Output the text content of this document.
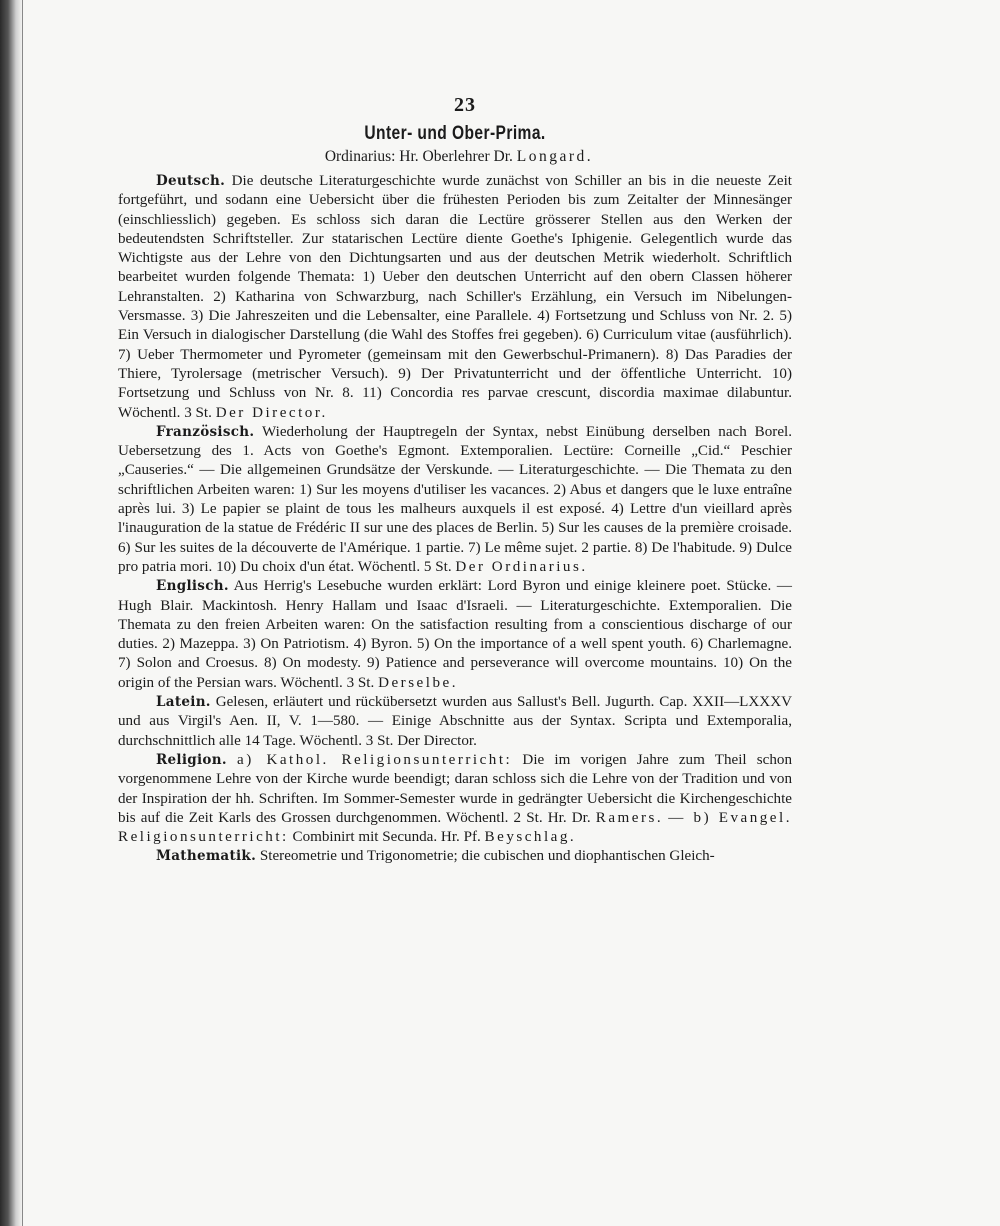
23
Unter- und Ober-Prima.
Ordinarius: Hr. Oberlehrer Dr. Longard.

Deutsch. Die deutsche Literaturgeschichte wurde zunächst von Schiller an bis in die neueste Zeit fortgeführt, und sodann eine Uebersicht über die frühesten Perioden bis zum Zeitalter der Minnesänger (einschliesslich) gegeben. Es schloss sich daran die Lectüre grösserer Stellen aus den Werken der bedeutendsten Schriftsteller. Zur statarischen Lectüre diente Goethe's Iphigenie. Gelegentlich wurde das Wichtigste aus der Lehre von den Dichtungsarten und aus der deutschen Metrik wiederholt. Schriftlich bearbeitet wurden folgende Themata: 1) Ueber den deutschen Unterricht auf den obern Classen höherer Lehranstalten. 2) Katharina von Schwarzburg, nach Schiller's Erzählung, ein Versuch im Nibelungen-Versmasse. 3) Die Jahreszeiten und die Lebensalter, eine Parallele. 4) Fortsetzung und Schluss von Nr. 2. 5) Ein Versuch in dialogischer Darstellung (die Wahl des Stoffes frei gegeben). 6) Curriculum vitae (ausführlich). 7) Ueber Thermometer und Pyrometer (gemeinsam mit den Gewerbschul-Primanern). 8) Das Paradies der Thiere, Tyrolersage (metrischer Versuch). 9) Der Privatunterricht und der öffentliche Unterricht. 10) Fortsetzung und Schluss von Nr. 8. 11) Concordia res parvae crescunt, discordia maximae dilabuntur. Wöchentl. 3 St. Der Director.

Französisch. Wiederholung der Hauptregeln der Syntax, nebst Einübung derselben nach Borel. Uebersetzung des 1. Acts von Goethe's Egmont. Extemporalien. Lectüre: Corneille „Cid.“ Peschier „Causeries.“ — Die allgemeinen Grundsätze der Verskunde. — Literaturgeschichte. — Die Themata zu den schriftlichen Arbeiten waren: 1) Sur les moyens d'utiliser les vacances. 2) Abus et dangers que le luxe entraîne après lui. 3) Le papier se plaint de tous les malheurs auxquels il est exposé. 4) Lettre d'un vieillard après l'inauguration de la statue de Frédéric II sur une des places de Berlin. 5) Sur les causes de la première croisade. 6) Sur les suites de la découverte de l'Amérique. 1 partie. 7) Le même sujet. 2 partie. 8) De l'habitude. 9) Dulce pro patria mori. 10) Du choix d'un état. Wöchentl. 5 St. Der Ordinarius.

Englisch. Aus Herrig's Lesebuche wurden erklärt: Lord Byron und einige kleinere poet. Stücke. — Hugh Blair. Mackintosh. Henry Hallam und Isaac d'Israeli. — Literaturgeschichte. Extemporalien. Die Themata zu den freien Arbeiten waren: On the satisfaction resulting from a conscientious discharge of our duties. 2) Mazeppa. 3) On Patriotism. 4) Byron. 5) On the importance of a well spent youth. 6) Charlemagne. 7) Solon and Croesus. 8) On modesty. 9) Patience and perseverance will overcome mountains. 10) On the origin of the Persian wars. Wöchentl. 3 St. Derselbe.

Latein. Gelesen, erläutert und rückübersetzt wurden aus Sallust's Bell. Jugurth. Cap. XXII—LXXXV und aus Virgil's Aen. II, V. 1—580. — Einige Abschnitte aus der Syntax. Scripta und Extemporalia, durchschnittlich alle 14 Tage. Wöchentl. 3 St. Der Director.

Religion. a) Kathol. Religionsunterricht: Die im vorigen Jahre zum Theil schon vorgenommene Lehre von der Kirche wurde beendigt; daran schloss sich die Lehre von der Tradition und von der Inspiration der hh. Schriften. Im Sommer-Semester wurde in gedrängter Uebersicht die Kirchengeschichte bis auf die Zeit Karls des Grossen durchgenommen. Wöchentl. 2 St. Hr. Dr. Ramers. — b) Evangel. Religionsunterricht: Combinirt mit Secunda. Hr. Pf. Beyschlag.

Mathematik. Stereometrie und Trigonometrie; die cubischen und diophantischen Gleich-
